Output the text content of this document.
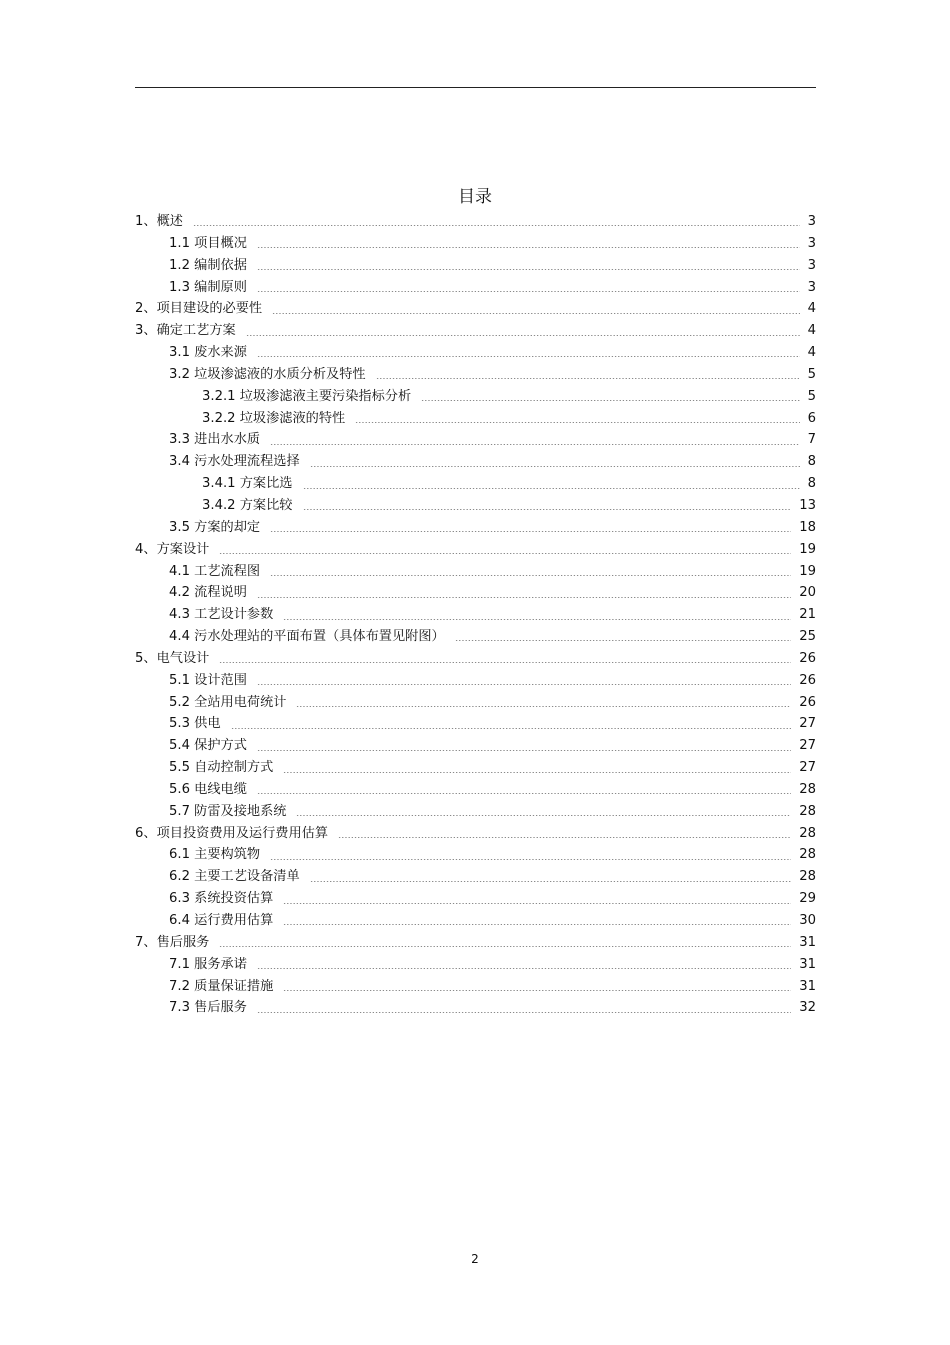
目录
1、概述	3
1.1 项目概况	3
1.2 编制依据	3
1.3 编制原则	3
2、项目建设的必要性	4
3、确定工艺方案	4
3.1 废水来源	4
3.2 垃圾渗滤液的水质分析及特性	5
3.2.1 垃圾渗滤液主要污染指标分析	5
3.2.2 垃圾渗滤液的特性	6
3.3 进出水水质	7
3.4 污水处理流程选择	8
3.4.1 方案比选	8
3.4.2 方案比较	13
3.5 方案的却定	18
4、方案设计	19
4.1 工艺流程图	19
4.2 流程说明	20
4.3 工艺设计参数	21
4.4 污水处理站的平面布置（具体布置见附图）	25
5、电气设计	26
5.1 设计范围	26
5.2 全站用电荷统计	26
5.3 供电	27
5.4 保护方式	27
5.5 自动控制方式	27
5.6 电线电缆	28
5.7 防雷及接地系统	28
6、项目投资费用及运行费用估算	28
6.1 主要构筑物	28
6.2 主要工艺设备清单	28
6.3 系统投资估算	29
6.4 运行费用估算	30
7、售后服务	31
7.1 服务承诺	31
7.2 质量保证措施	31
7.3 售后服务	32
2
